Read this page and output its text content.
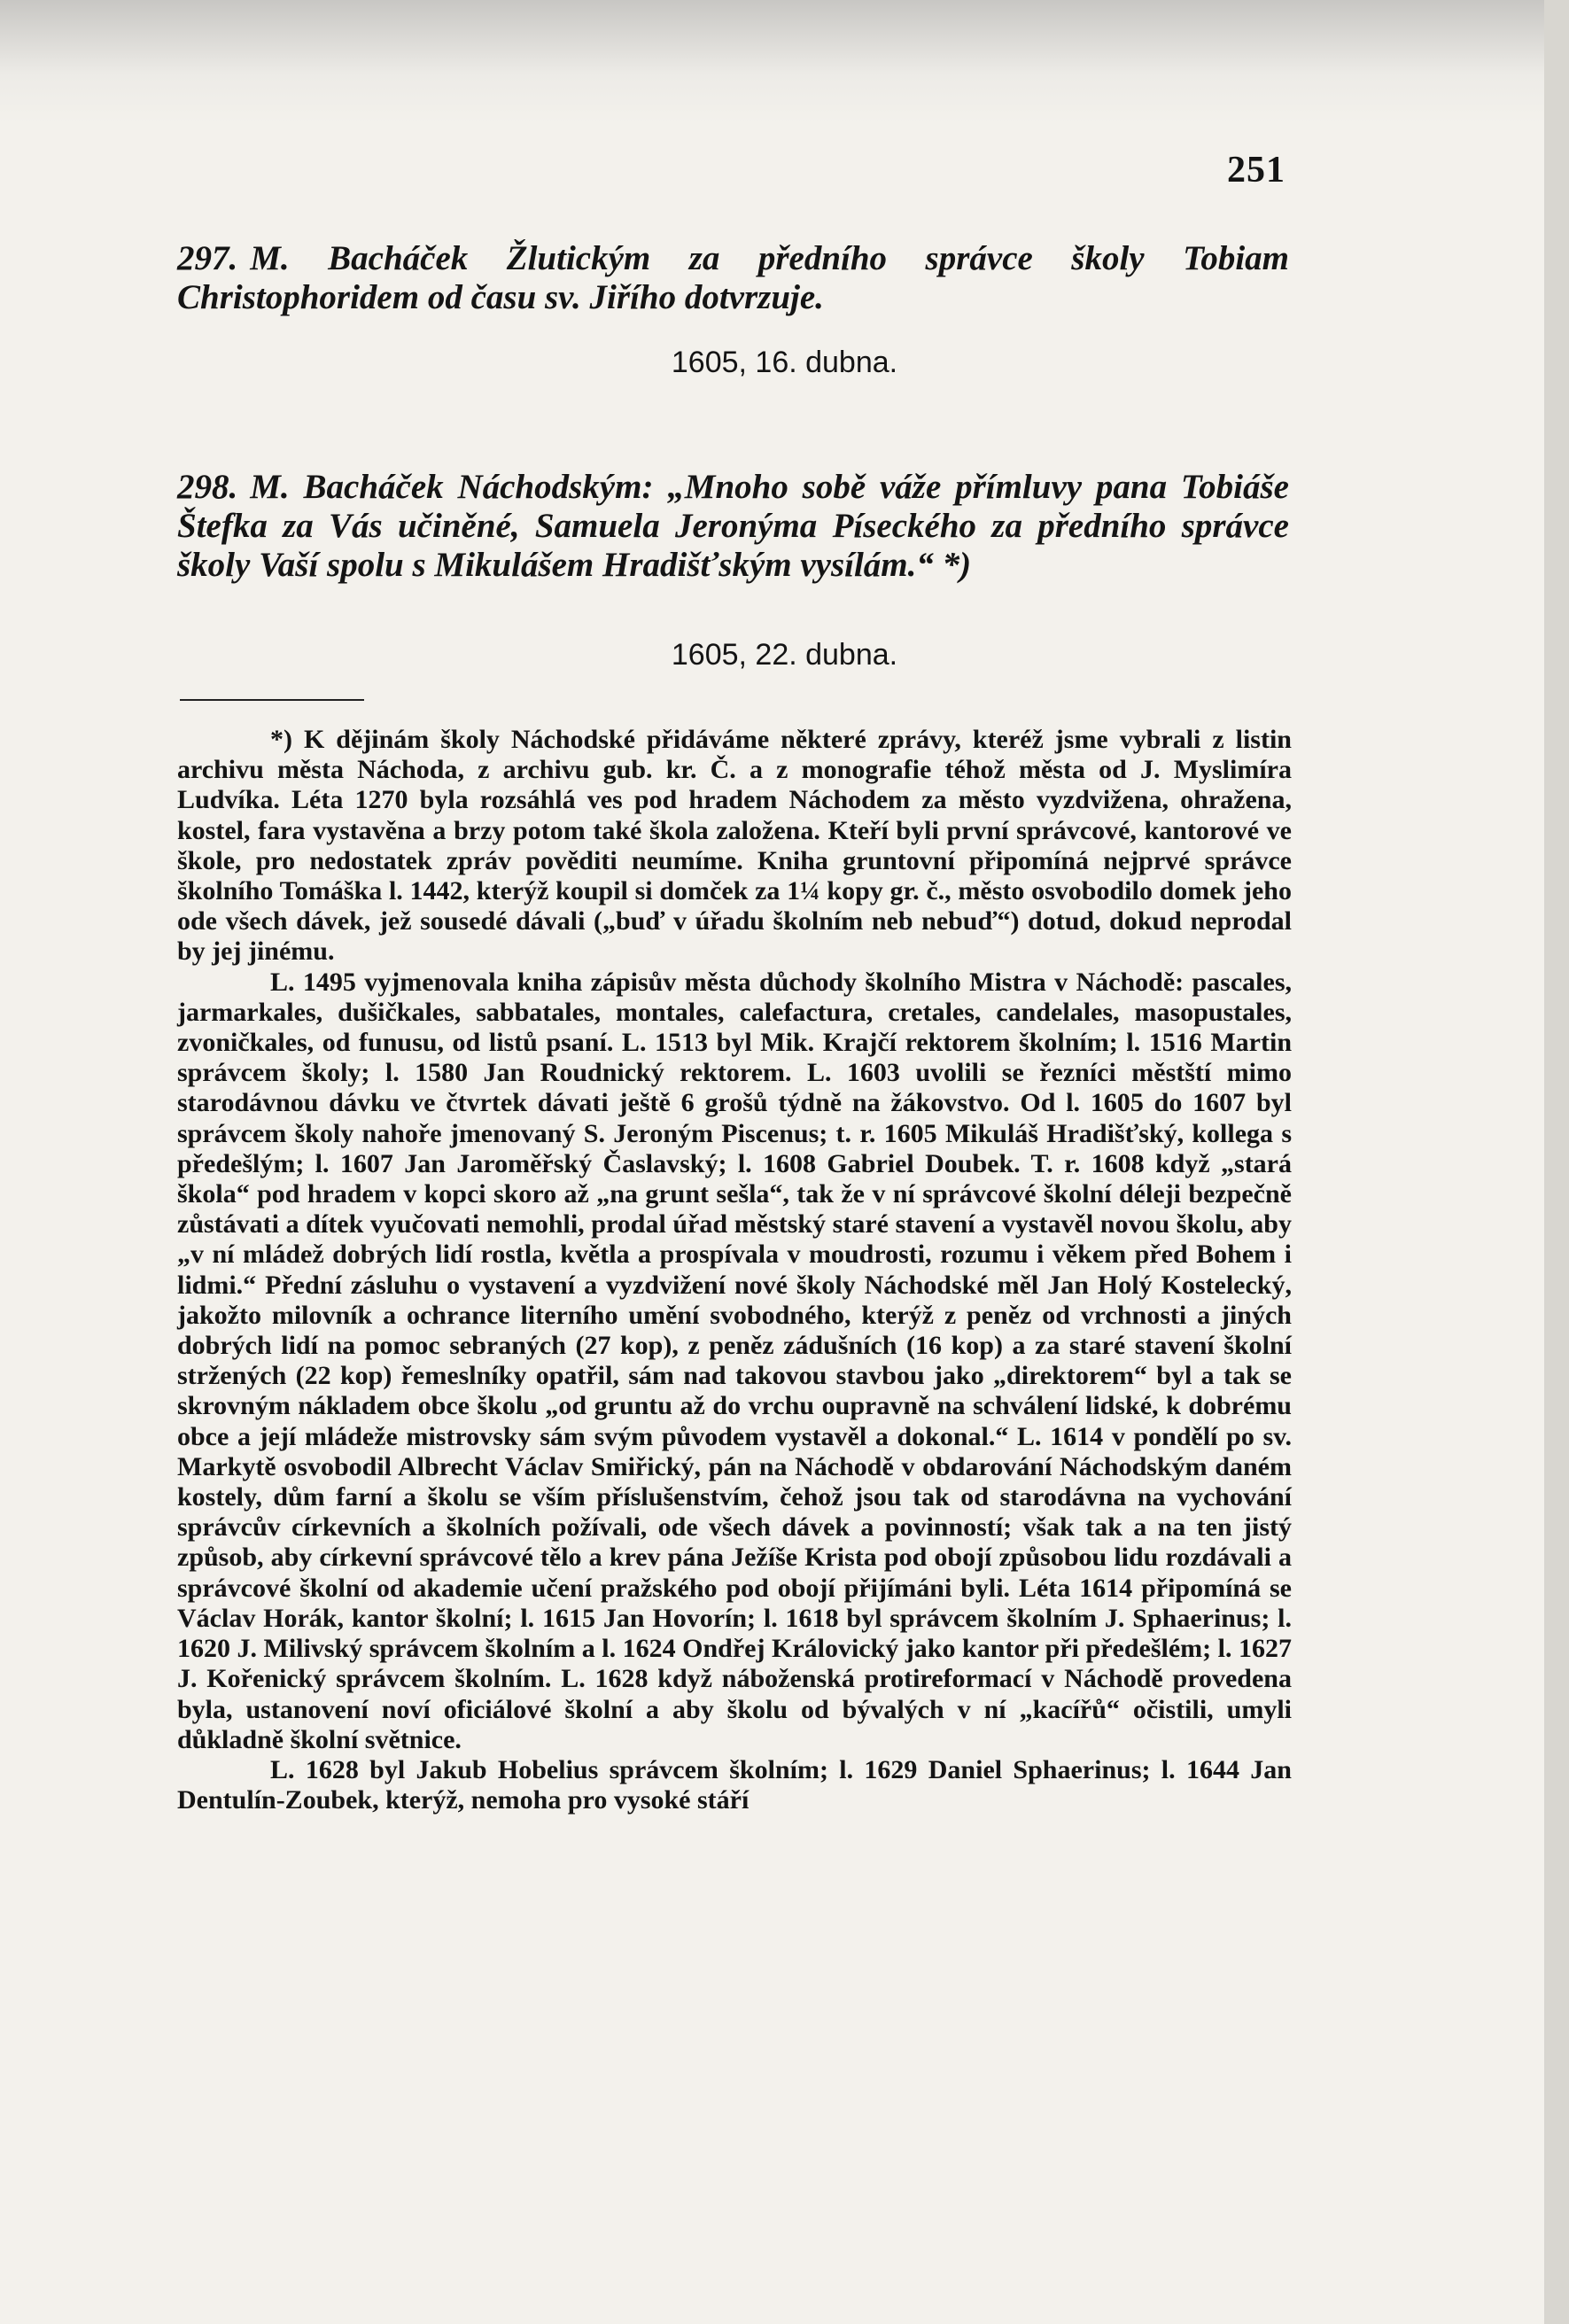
251
297. M. Bacháček Žlutickým za předního správce školy Tobiam Christophoridem od času sv. Jiřího dotvrzuje.
1605, 16. dubna.
298. M. Bacháček Náchodským: „Mnoho sobě váže přímluvy pana Tobiáše Štefka za Vás učiněné, Samuela Jeronýma Píseckého za předního správce školy Vaší spolu s Mikulášem Hradišťským vysílám.“ *)
1605, 22. dubna.

*) K dějinám školy Náchodské přidáváme některé zprávy, kteréž jsme vybrali z listin archivu města Náchoda, z archivu gub. kr. Č. a z monografie téhož města od J. Myslimíra Ludvíka. Léta 1270 byla rozsáhlá ves pod hradem Náchodem za město vyzdvižena, ohražena, kostel, fara vystavěna a brzy potom také škola založena. Kteří byli první správcové, kantorové ve škole, pro nedostatek zpráv pověditi neumíme. Kniha gruntovní připomíná nejprvé správce školního Tomáška l. 1442, kterýž koupil si domček za 1¼ kopy gr. č., město osvobodilo domek jeho ode všech dávek, jež sousedé dávali („buď v úřadu školním neb nebuď“) dotud, dokud neprodal by jej jinému.

L. 1495 vyjmenovala kniha zápisův města důchody školního Mistra v Náchodě: pascales, jarmarkales, dušičkales, sabbatales, montales, calefactura, cretales, candelales, masopustales, zvoničkales, od funusu, od listů psaní. L. 1513 byl Mik. Krajčí rektorem školním; l. 1516 Martin správcem školy; l. 1580 Jan Roudnický rektorem. L. 1603 uvolili se řezníci městští mimo starodávnou dávku ve čtvrtek dávati ještě 6 grošů týdně na žákovstvo. Od l. 1605 do 1607 byl správcem školy nahoře jmenovaný S. Jeroným Piscenus; t. r. 1605 Mikuláš Hradišťský, kollega s předešlým; l. 1607 Jan Jaroměřský Časlavský; l. 1608 Gabriel Doubek. T. r. 1608 když „stará škola“ pod hradem v kopci skoro až „na grunt sešla“, tak že v ní správcové školní déleji bezpečně zůstávati a dítek vyučovati nemohli, prodal úřad městský staré stavení a vystavěl novou školu, aby „v ní mládež dobrých lidí rostla, květla a prospívala v moudrosti, rozumu i věkem před Bohem i lidmi.“ Přední zásluhu o vystavení a vyzdvižení nové školy Náchodské měl Jan Holý Kostelecký, jakožto milovník a ochrance literního umění svobodného, kterýž z peněz od vrchnosti a jiných dobrých lidí na pomoc sebraných (27 kop), z peněz zádušních (16 kop) a za staré stavení školní stržených (22 kop) řemeslníky opatřil, sám nad takovou stavbou jako „direktorem“ byl a tak se skrovným nákladem obce školu „od gruntu až do vrchu oupravně na schválení lidské, k dobrému obce a její mládeže mistrovsky sám svým původem vystavěl a dokonal.“ L. 1614 v pondělí po sv. Markytě osvobodil Albrecht Václav Smiřický, pán na Náchodě v obdarování Náchodským daném kostely, dům farní a školu se vším příslušenstvím, čehož jsou tak od starodávna na vychování správcův církevních a školních požívali, ode všech dávek a povinností; však tak a na ten jistý způsob, aby církevní správcové tělo a krev pána Ježíše Krista pod obojí způsobou lidu rozdávali a správcové školní od akademie učení pražského pod obojí přijímáni byli. Léta 1614 připomíná se Václav Horák, kantor školní; l. 1615 Jan Hovorín; l. 1618 byl správcem školním J. Sphaerinus; l. 1620 J. Milivský správcem školním a l. 1624 Ondřej Královický jako kantor při předešlém; l. 1627 J. Kořenický správcem školním. L. 1628 když náboženská protireformací v Náchodě provedena byla, ustanovení noví oficiálové školní a aby školu od bývalých v ní „kacířů“ očistili, umyli důkladně školní světnice.

L. 1628 byl Jakub Hobelius správcem školním; l. 1629 Daniel Sphaerinus; l. 1644 Jan Dentulín-Zoubek, kterýž, nemoha pro vysoké stáří
